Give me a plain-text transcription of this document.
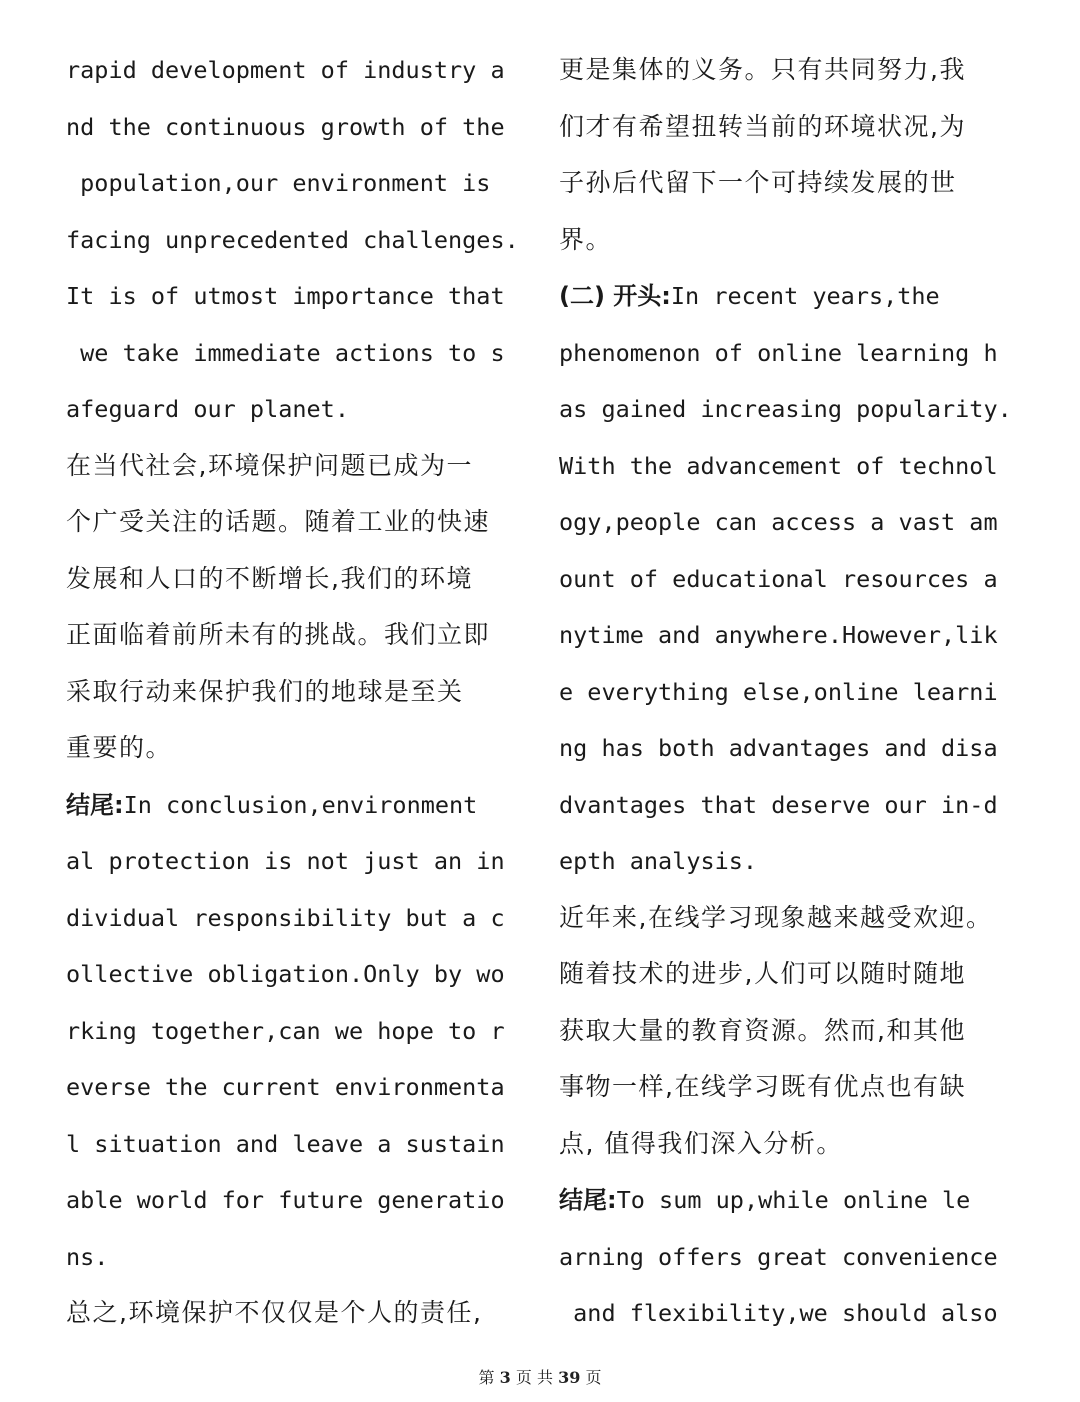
rapid development of industry a
nd the continuous growth of the
population,our environment is
facing unprecedented challenges.
It is of utmost importance that
we take immediate actions to s
afeguard our planet.
在当代社会,环境保护问题已成为一
个广受关注的话题。随着工业的快速
发展和人口的不断增长,我们的环境
正面临着前所未有的挑战。我们立即
采取行动来保护我们的地球是至关
重要的。
结尾:In conclusion,environment
al protection is not just an in
dividual responsibility but a c
ollective obligation.Only by wo
rking together,can we hope to r
everse the current environmenta
l situation and leave a sustain
able world for future generatio
ns.
总之,环境保护不仅仅是个人的责任,
更是集体的义务。只有共同努力,我
们才有希望扭转当前的环境状况,为
子孙后代留下一个可持续发展的世
界。
(二) 开头:In recent years,the
phenomenon of online learning h
as gained increasing popularity.
With the advancement of technol
ogy,people can access a vast am
ount of educational resources a
nytime and anywhere.However,lik
e everything else,online learni
ng has both advantages and disa
dvantages that deserve our in-d
epth analysis.
近年来,在线学习现象越来越受欢迎。
随着技术的进步,人们可以随时随地
获取大量的教育资源。然而,和其他
事物一样,在线学习既有优点也有缺
点, 值得我们深入分析。
结尾:To sum up,while online le
arning offers great convenience
and flexibility,we should also
第 3 页 共 39 页
